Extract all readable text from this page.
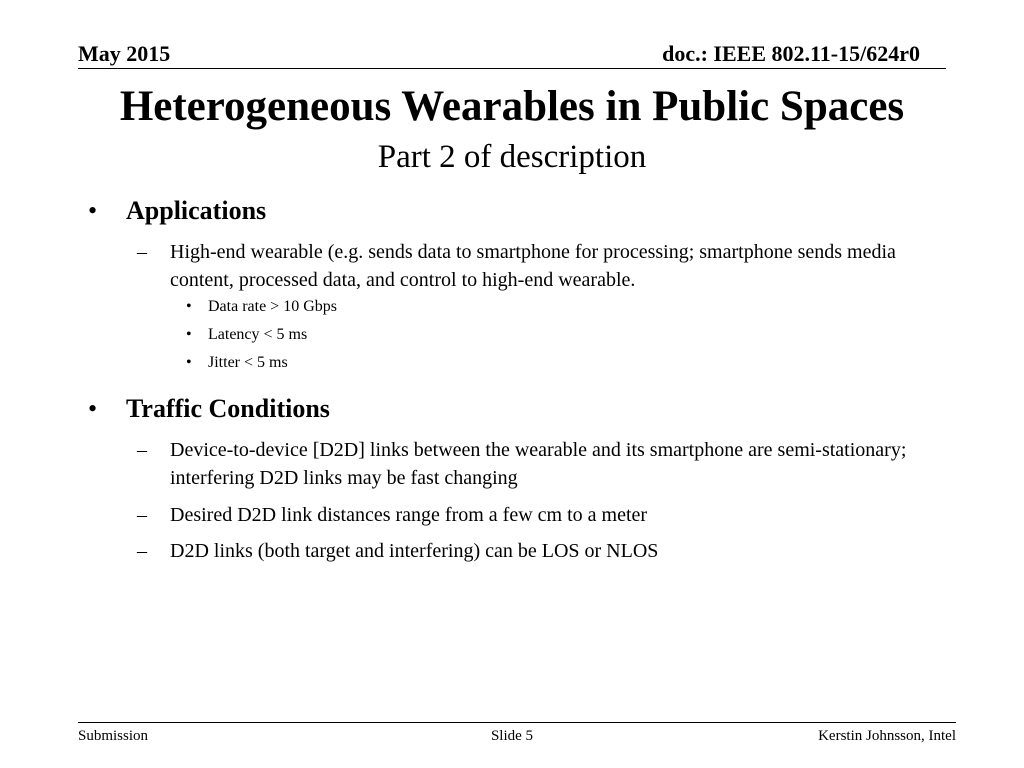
May 2015	doc.: IEEE 802.11-15/624r0
Heterogeneous Wearables in Public Spaces
Part 2 of description
• Applications
– High-end wearable (e.g. sends data to smartphone for processing; smartphone sends media content, processed data, and control to high-end wearable.
• Data rate > 10 Gbps
• Latency < 5 ms
• Jitter < 5 ms
• Traffic Conditions
– Device-to-device [D2D] links between the wearable and its smartphone are semi-stationary; interfering D2D links may be fast changing
– Desired D2D link distances range from a few cm to a meter
– D2D links (both target and interfering) can be LOS or NLOS
Submission	Slide 5	Kerstin Johnsson, Intel
